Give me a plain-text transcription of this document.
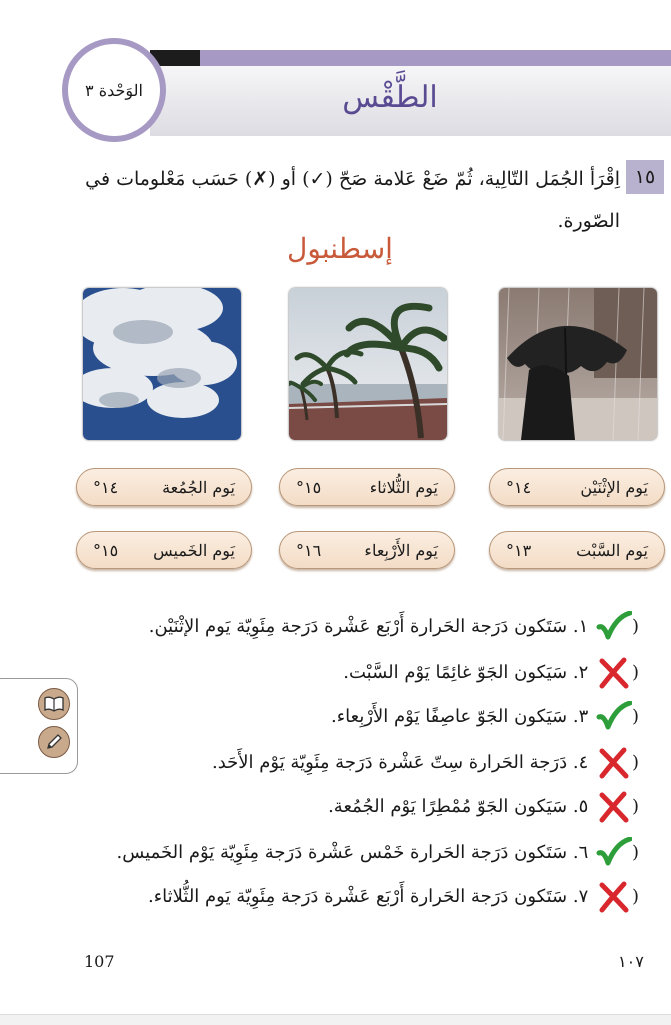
الوَحْدة ٣	الطَّقْس
١٥
اِقْرَأ الجُمَل التّالِية، ثُمّ ضَعْ عَلامة صَحّ (✓) أو (✗) حَسَب مَعْلومات في الصّورة.
إسطنبول
يَوم الإثْنَيْن
١٤°
يَوم الثُّلاثاء
١٥°
يَوم الجُمُعة
١٤°
يَوم السَّبْت
١٣°
يَوم الأَرْبِعاء
١٦°
يَوم الخَميس
١٥°
( ١. سَتَكون دَرَجة الحَرارة أَرْبَع عَشْرة دَرَجة مِئَوِيّة يَوم الإثْنَيْن.
( ٢. سَيَكون الجَوّ غائِمًا يَوْم السَّبْت.
( ٣. سَيَكون الجَوّ عاصِفًا يَوْم الأَرْبِعاء.
( ٤. دَرَجة الحَرارة سِتّ عَشْرة دَرَجة مِئَوِيّة يَوْم الأَحَد.
( ٥. سَيَكون الجَوّ مُمْطِرًا يَوْم الجُمُعة.
( ٦. سَتَكون دَرَجة الحَرارة خَمْس عَشْرة دَرَجة مِئَوِيّة يَوْم الخَميس.
( ٧. سَتَكون دَرَجة الحَرارة أَرْبَع عَشْرة دَرَجة مِئَوِيّة يَوم الثُّلاثاء.
107	١٠٧
